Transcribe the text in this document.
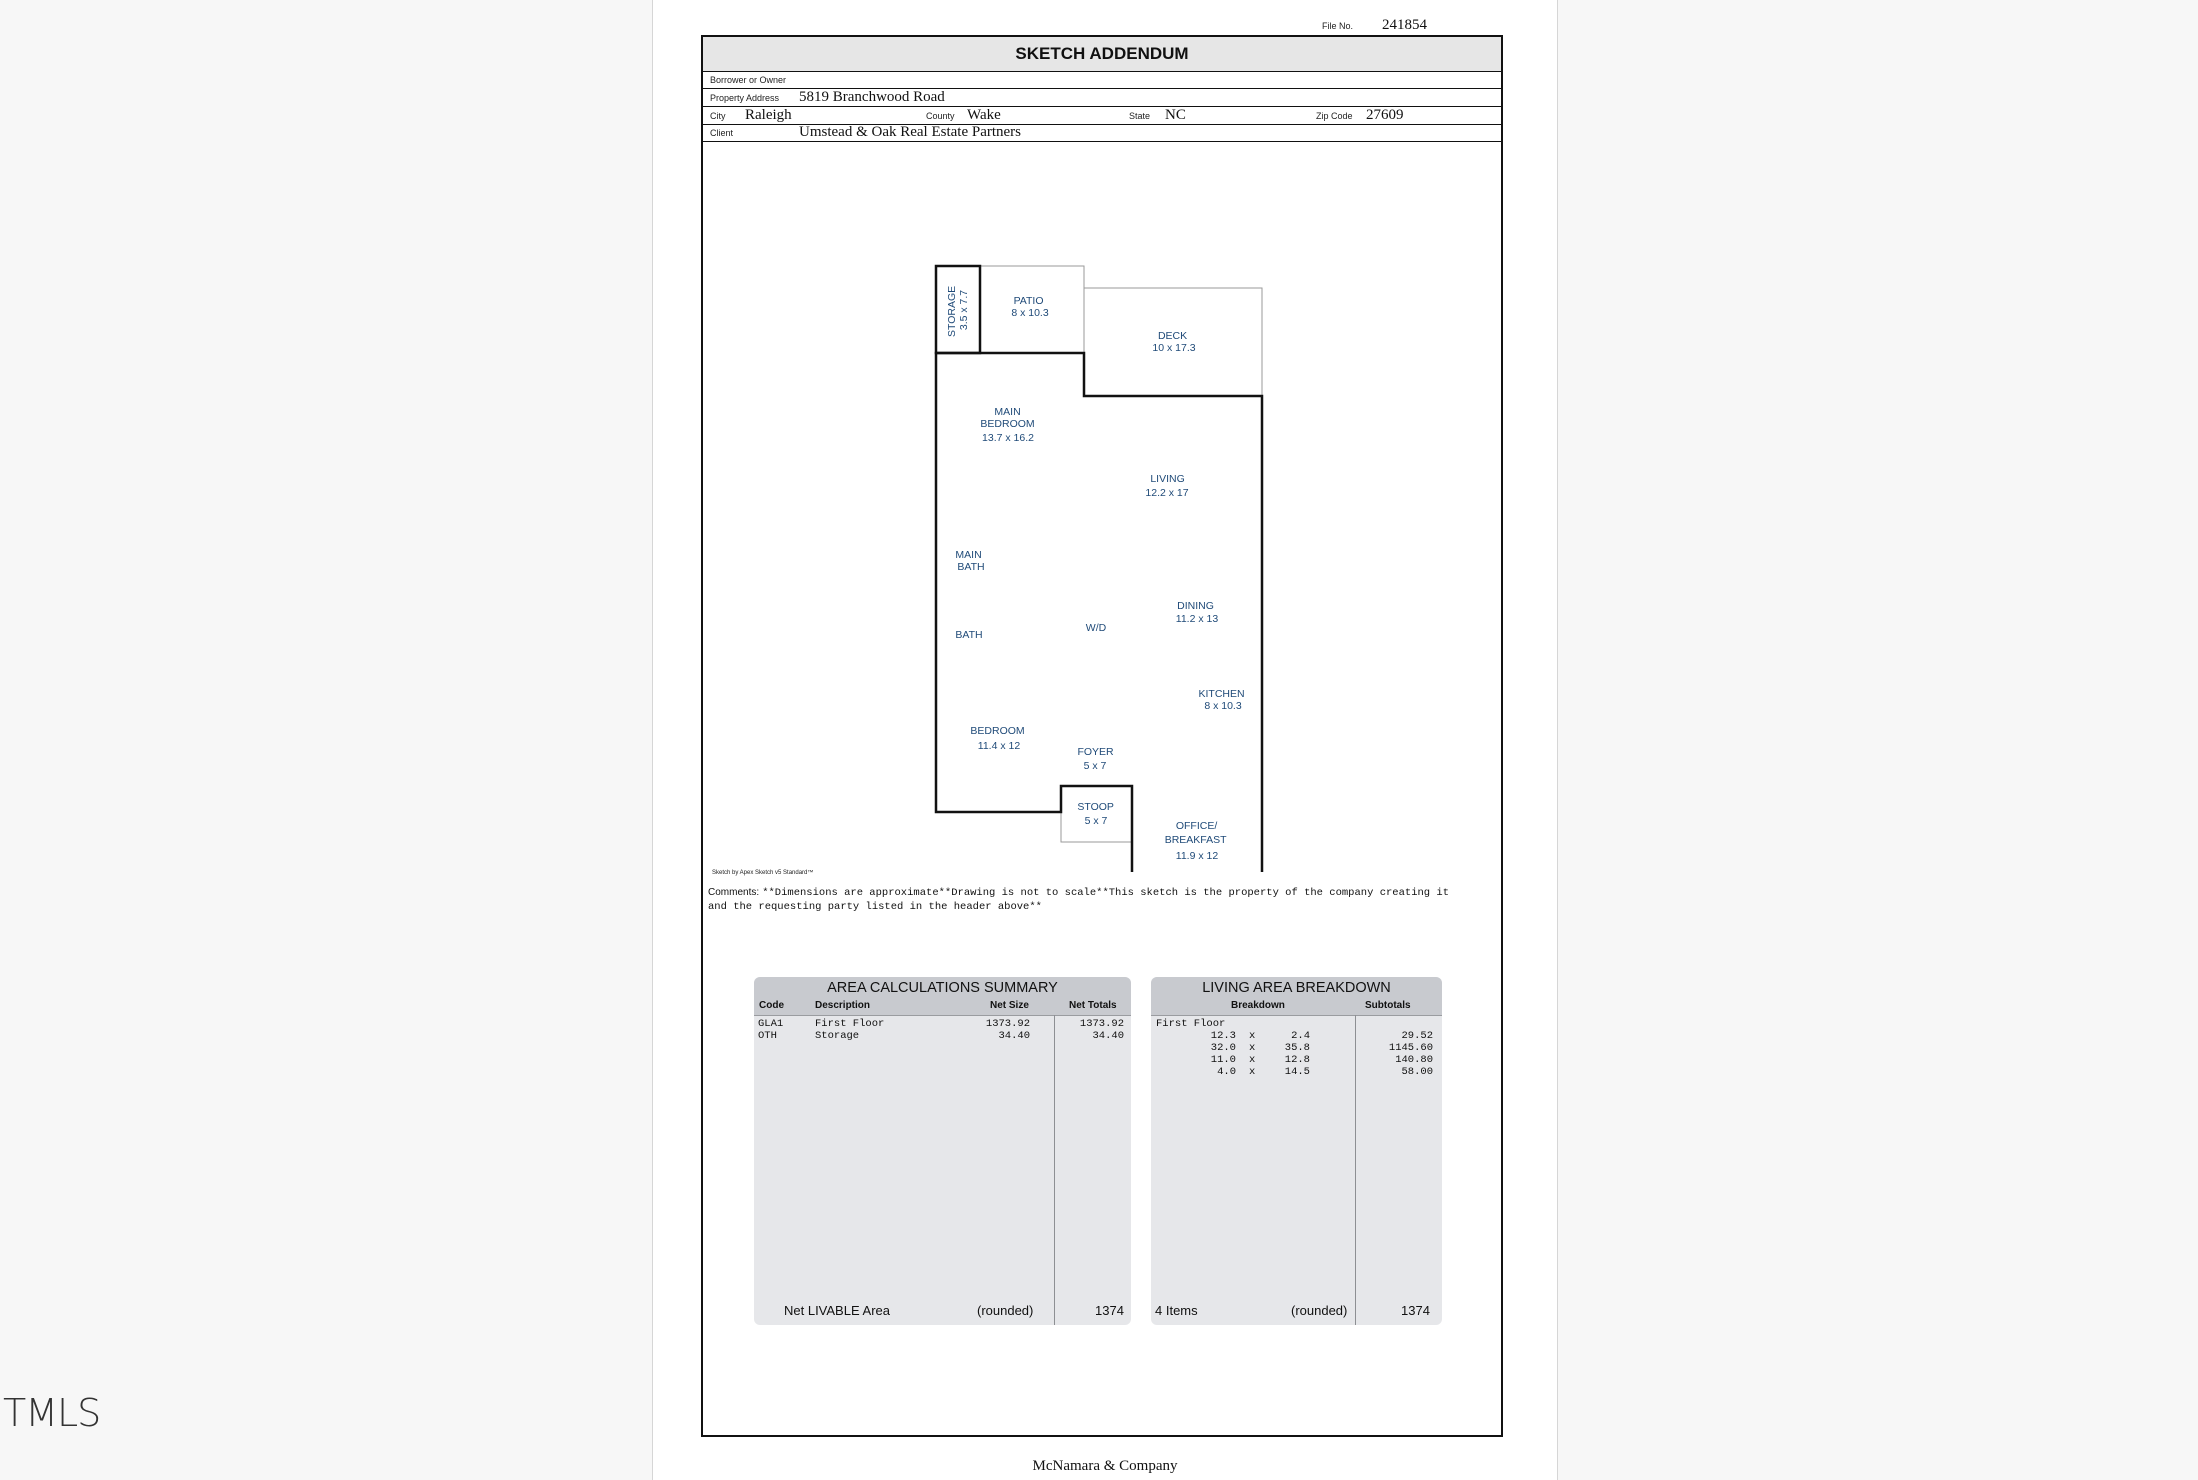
File No. 241854
SKETCH ADDENDUM
Borrower or Owner
Property Address 5819 Branchwood Road
City Raleigh	County Wake	State NC	Zip Code 27609
Client	Umstead & Oak Real Estate Partners
STORAGE 3.5 x 7.7	PATIO 8 x 10.3
DECK 10 x 17.3
MAIN BEDROOM 13.7 x 16.2
LIVING 12.2 x 17
MAIN BATH
BATH
W/D
DINING 11.2 x 13
KITCHEN 8 x 10.3
BEDROOM 11.4 x 12	FOYER 5 x 7
STOOP 5 x 7	OFFICE/ BREAKFAST 11.9 x 12
Sketch by Apex Sketch v5 Standard™
Comments: **Dimensions are approximate**Drawing is not to scale**This sketch is the property of the company creating it
and the requesting party listed in the header above**
AREA CALCULATIONS SUMMARY
Code	Description	Net Size	Net Totals
GLA1	First Floor	1373.92	1373.92
OTH	Storage	34.40	34.40
Net LIVABLE Area	(rounded)	1374
LIVING AREA BREAKDOWN
Breakdown	Subtotals
First Floor
12.3 x	2.4	29.52
32.0 x	35.8	1145.60
11.0 x	12.8	140.80
4.0 x	14.5	58.00
4 Items	(rounded)	1374
McNamara & Company
TMLS
